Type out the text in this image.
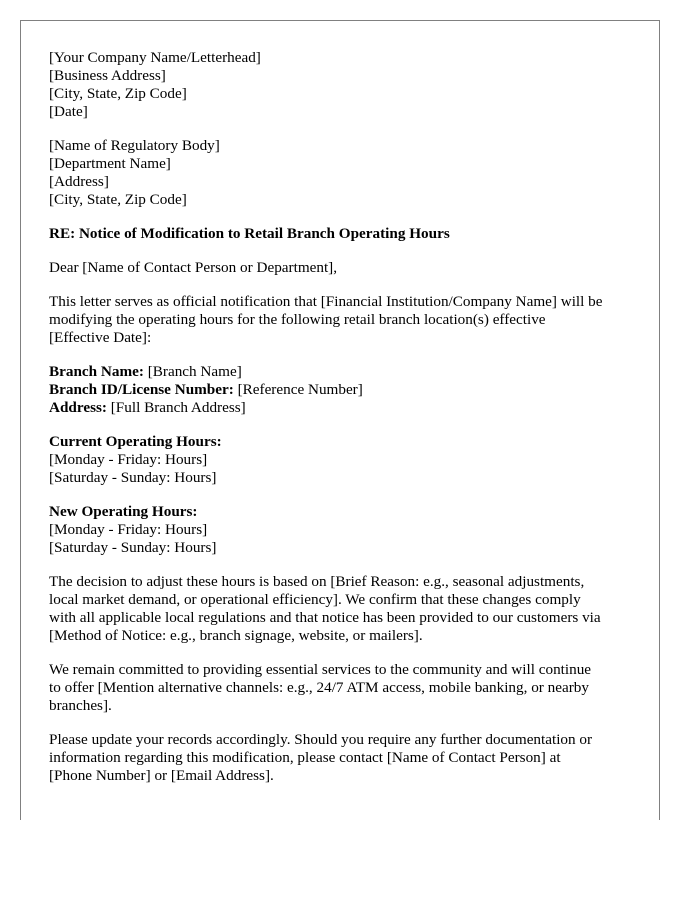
[Your Company Name/Letterhead]
[Business Address]
[City, State, Zip Code]
[Date]
[Name of Regulatory Body]
[Department Name]
[Address]
[City, State, Zip Code]
RE: Notice of Modification to Retail Branch Operating Hours
Dear [Name of Contact Person or Department],
This letter serves as official notification that [Financial Institution/Company Name] will be
modifying the operating hours for the following retail branch location(s) effective
[Effective Date]:
Branch Name: [Branch Name]
Branch ID/License Number: [Reference Number]
Address: [Full Branch Address]
Current Operating Hours:
[Monday - Friday: Hours]
[Saturday - Sunday: Hours]
New Operating Hours:
[Monday - Friday: Hours]
[Saturday - Sunday: Hours]
The decision to adjust these hours is based on [Brief Reason: e.g., seasonal adjustments,
local market demand, or operational efficiency]. We confirm that these changes comply
with all applicable local regulations and that notice has been provided to our customers via
[Method of Notice: e.g., branch signage, website, or mailers].
We remain committed to providing essential services to the community and will continue
to offer [Mention alternative channels: e.g., 24/7 ATM access, mobile banking, or nearby
branches].
Please update your records accordingly. Should you require any further documentation or
information regarding this modification, please contact [Name of Contact Person] at
[Phone Number] or [Email Address].
